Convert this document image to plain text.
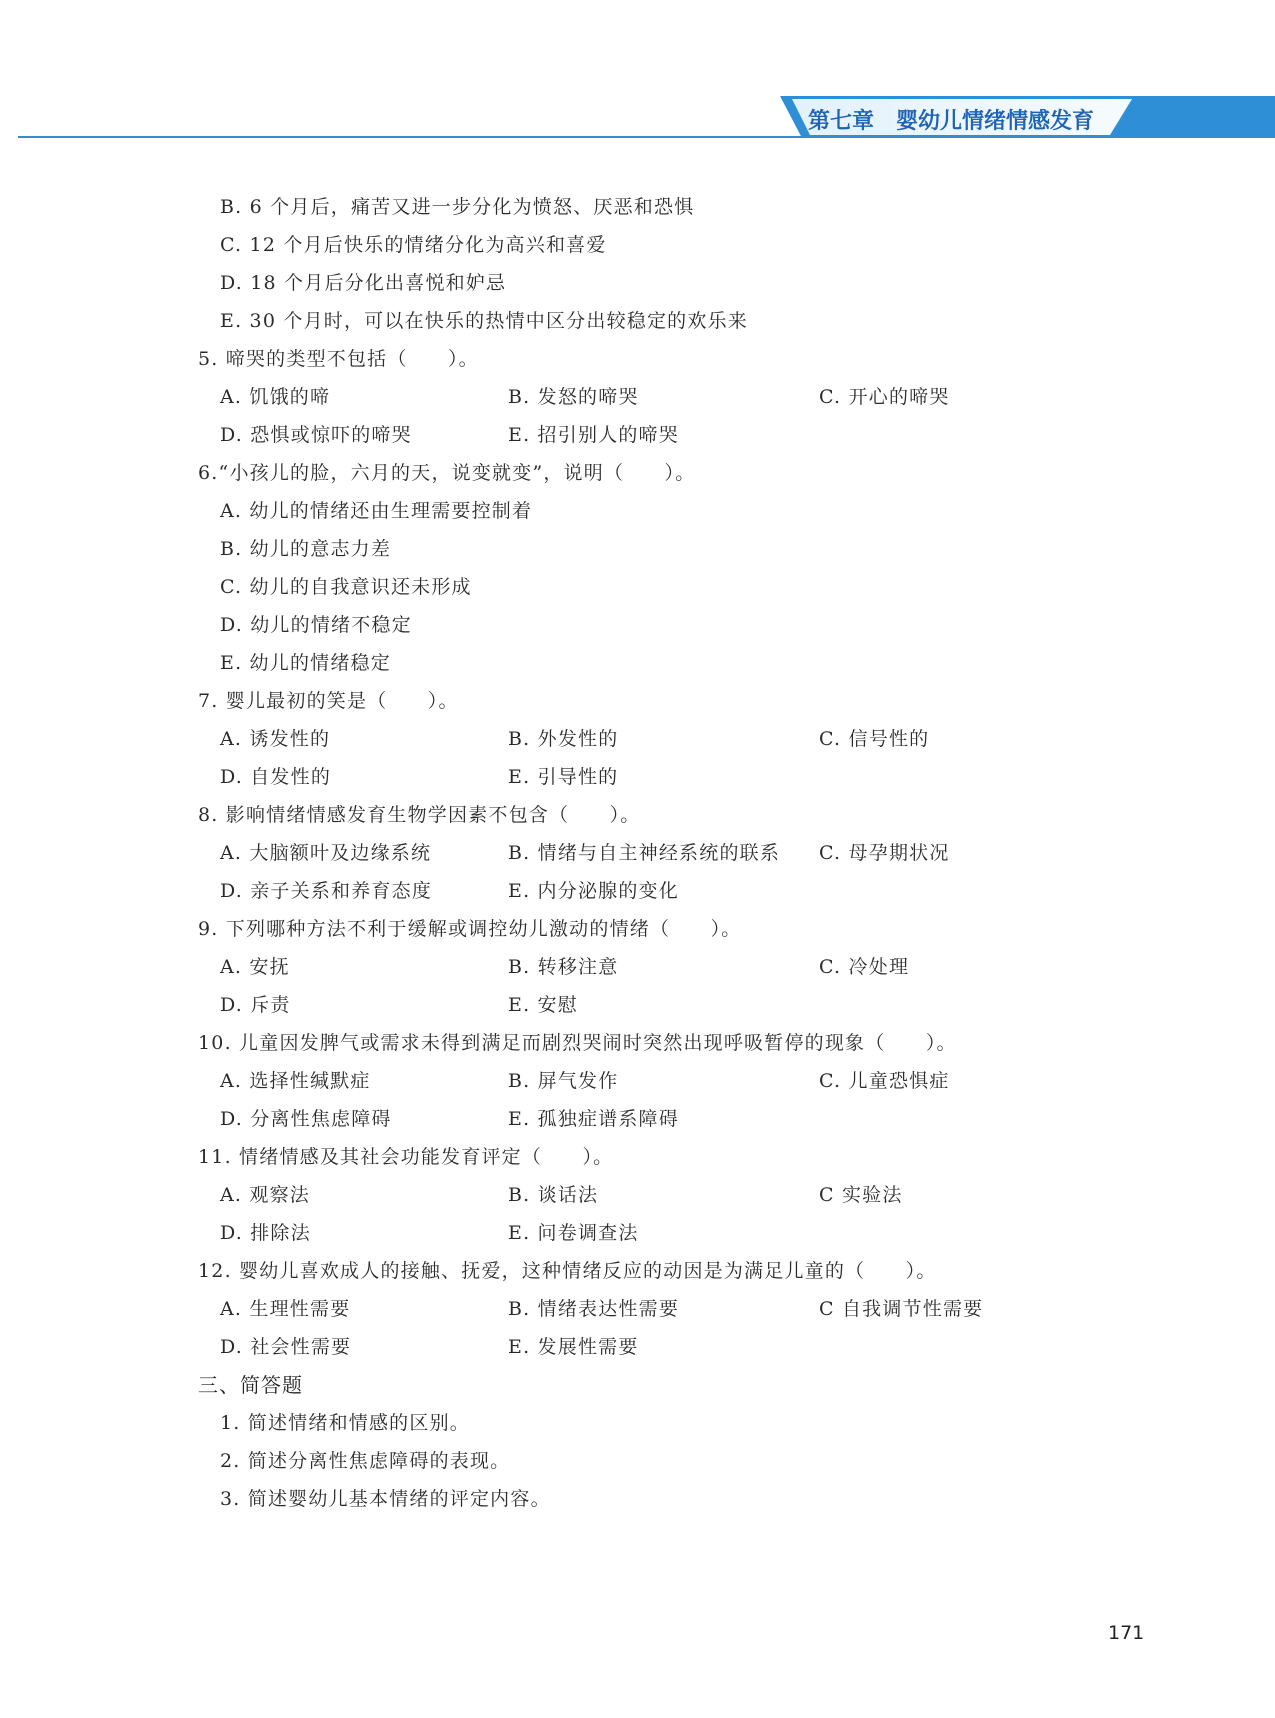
第七章 婴幼儿情绪情感发育
B. 6 个月后，痛苦又进一步分化为愤怒、厌恶和恐惧
C. 12 个月后快乐的情绪分化为高兴和喜爱
D. 18 个月后分化出喜悦和妒忌
E. 30 个月时，可以在快乐的热情中区分出较稳定的欢乐来
5. 啼哭的类型不包括（　　）。
A. 饥饿的啼	B. 发怒的啼哭	C. 开心的啼哭
D. 恐惧或惊吓的啼哭	E. 招引别人的啼哭
6.“小孩儿的脸，六月的天，说变就变”，说明（　　）。
A. 幼儿的情绪还由生理需要控制着
B. 幼儿的意志力差
C. 幼儿的自我意识还未形成
D. 幼儿的情绪不稳定
E. 幼儿的情绪稳定
7. 婴儿最初的笑是（　　）。
A. 诱发性的	B. 外发性的	C. 信号性的
D. 自发性的	E. 引导性的
8. 影响情绪情感发育生物学因素不包含（　　）。
A. 大脑额叶及边缘系统	B. 情绪与自主神经系统的联系	C. 母孕期状况
D. 亲子关系和养育态度	E. 内分泌腺的变化
9. 下列哪种方法不利于缓解或调控幼儿激动的情绪（　　）。
A. 安抚	B. 转移注意	C. 冷处理
D. 斥责	E. 安慰
10. 儿童因发脾气或需求未得到满足而剧烈哭闹时突然出现呼吸暂停的现象（　　）。
A. 选择性缄默症	B. 屏气发作	C. 儿童恐惧症
D. 分离性焦虑障碍	E. 孤独症谱系障碍
11. 情绪情感及其社会功能发育评定（　　）。
A. 观察法	B. 谈话法	C 实验法
D. 排除法	E. 问卷调查法
12. 婴幼儿喜欢成人的接触、抚爱，这种情绪反应的动因是为满足儿童的（　　）。
A. 生理性需要	B. 情绪表达性需要	C 自我调节性需要
D. 社会性需要	E. 发展性需要
三、简答题
1. 简述情绪和情感的区别。
2. 简述分离性焦虑障碍的表现。
3. 简述婴幼儿基本情绪的评定内容。
171
